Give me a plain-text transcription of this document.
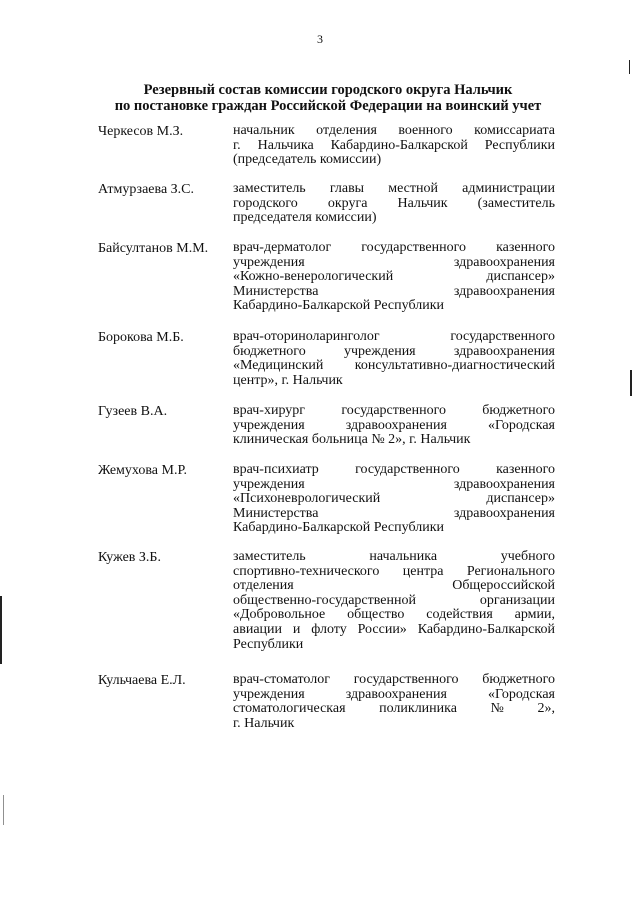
3
Резервный состав комиссии городского округа Нальчик
по постановке граждан Российской Федерации на воинский учет
Черкесов М.З.	начальник отделения военного комиссариата
г. Нальчика Кабардино-Балкарской Республики
(председатель комиссии)
Атмурзаева З.С.	заместитель главы местной администрации
городского округа Нальчик (заместитель
председателя комиссии)
Байсултанов М.М. врач-дерматолог государственного казенного
учреждения	здравоохранения
«Кожно-венерологический	диспансер»
Министерства	здравоохранения
Кабардино-Балкарской Республики
Борокова М.Б.	врач-оториноларинголог	государственного
бюджетного	учреждения	здравоохранения
«Медицинский консультативно-диагностический
центр», г. Нальчик
Гузеев В.А.	врач-хирург	государственного	бюджетного
учреждения	здравоохранения	«Городская
клиническая больница № 2», г. Нальчик
Жемухова М.Р.	врач-психиатр	государственного	казенного
учреждения	здравоохранения
«Психоневрологический	диспансер»
Министерства	здравоохранения
Кабардино-Балкарской Республики
Кужев З.Б.	заместитель	начальника	учебного
спортивно-технического центра Регионального
отделения	Общероссийской
общественно-государственной	организации
«Добровольное общество содействия армии,
авиации и флоту России» Кабардино-Балкарской
Республики
Кульчаева Е.Л.	врач-стоматолог государственного бюджетного
учреждения	здравоохранения	«Городская
стоматологическая поликлиника № 2»,
г. Нальчик
